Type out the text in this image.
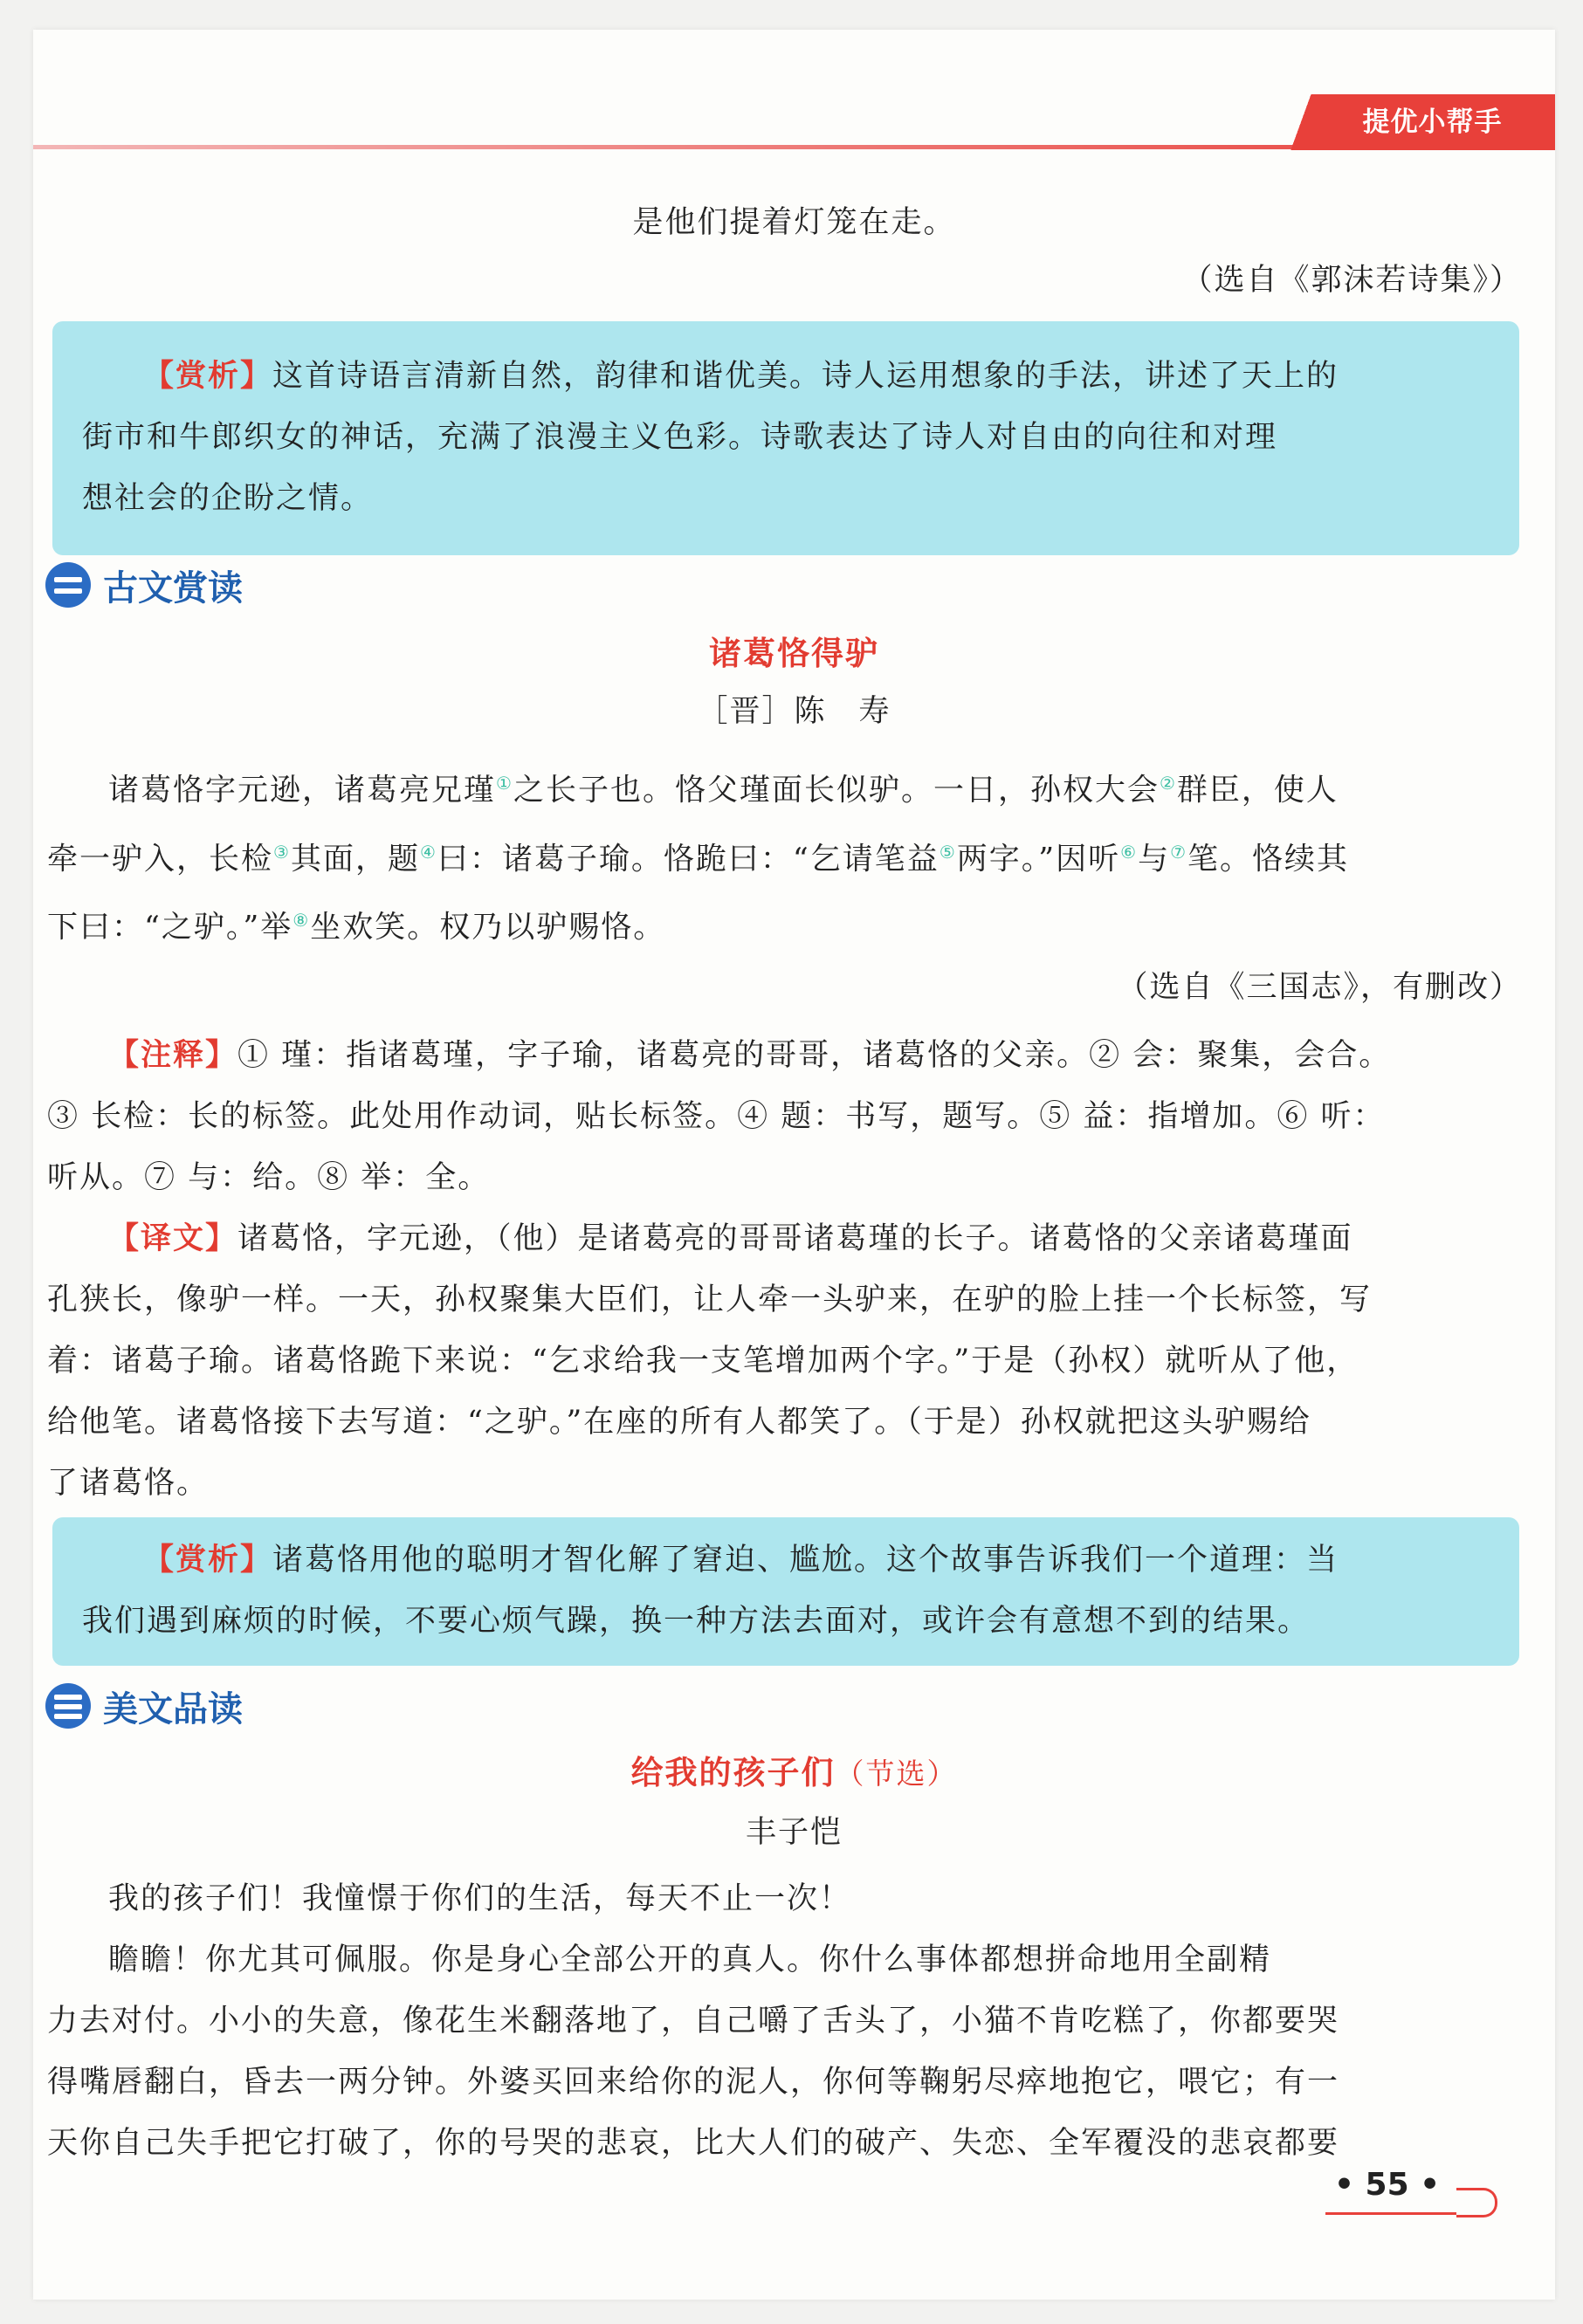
提优小帮手
是他们提着灯笼在走。
（选自《郭沫若诗集》）
【赏析】这首诗语言清新自然，韵律和谐优美。诗人运用想象的手法，讲述了天上的
街市和牛郎织女的神话，充满了浪漫主义色彩。诗歌表达了诗人对自由的向往和对理
想社会的企盼之情。
古文赏读
诸葛恪得驴
［晋］陈　寿
诸葛恪字元逊，诸葛亮兄瑾①之长子也。恪父瑾面长似驴。一日，孙权大会②群臣，使人
牵一驴入，长检③其面，题④曰：诸葛子瑜。恪跪曰：“乞请笔益⑤两字。”因听⑥与⑦笔。恪续其
下曰：“之驴。”举⑧坐欢笑。权乃以驴赐恪。
（选自《三国志》，有删改）
【注释】① 瑾：指诸葛瑾，字子瑜，诸葛亮的哥哥，诸葛恪的父亲。② 会：聚集，会合。
③ 长检：长的标签。此处用作动词，贴长标签。④ 题：书写，题写。⑤ 益：指增加。⑥ 听：
听从。⑦ 与：给。⑧ 举：全。
【译文】诸葛恪，字元逊，（他）是诸葛亮的哥哥诸葛瑾的长子。诸葛恪的父亲诸葛瑾面
孔狭长，像驴一样。一天，孙权聚集大臣们，让人牵一头驴来，在驴的脸上挂一个长标签，写
着：诸葛子瑜。诸葛恪跪下来说：“乞求给我一支笔增加两个字。”于是（孙权）就听从了他，
给他笔。诸葛恪接下去写道：“之驴。”在座的所有人都笑了。（于是）孙权就把这头驴赐给
了诸葛恪。
【赏析】诸葛恪用他的聪明才智化解了窘迫、尴尬。这个故事告诉我们一个道理：当
我们遇到麻烦的时候，不要心烦气躁，换一种方法去面对，或许会有意想不到的结果。
美文品读
给我的孩子们（节选）
丰子恺
我的孩子们！我憧憬于你们的生活，每天不止一次！
瞻瞻！你尤其可佩服。你是身心全部公开的真人。你什么事体都想拼命地用全副精
力去对付。小小的失意，像花生米翻落地了，自己嚼了舌头了，小猫不肯吃糕了，你都要哭
得嘴唇翻白，昏去一两分钟。外婆买回来给你的泥人，你何等鞠躬尽瘁地抱它，喂它；有一
天你自己失手把它打破了，你的号哭的悲哀，比大人们的破产、失恋、全军覆没的悲哀都要
• 55 •
